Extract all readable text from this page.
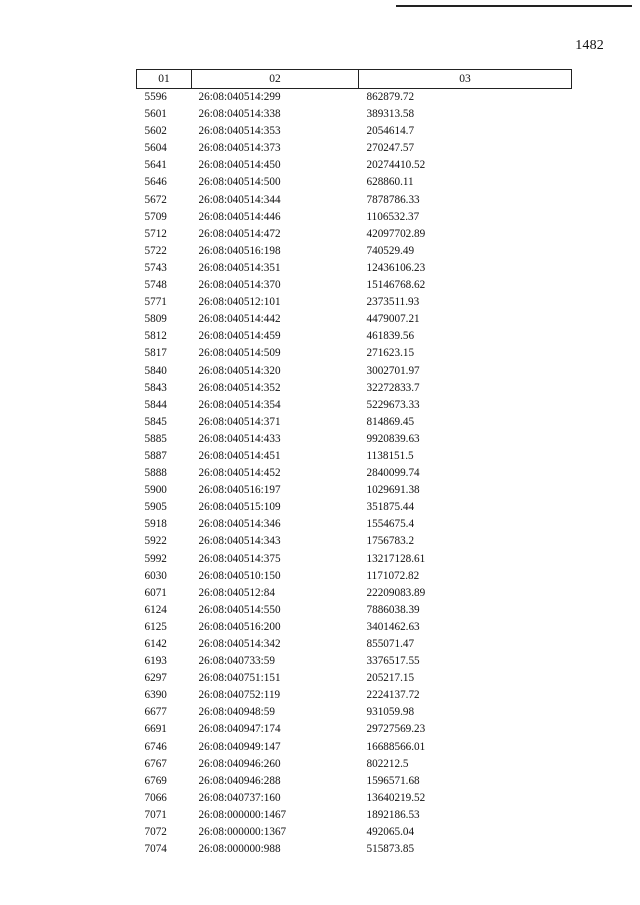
1482
01	02	03
5596	26:08:040514:299	862879.72
5601	26:08:040514:338	389313.58
5602	26:08:040514:353	2054614.7
5604	26:08:040514:373	270247.57
5641	26:08:040514:450	20274410.52
5646	26:08:040514:500	628860.11
5672	26:08:040514:344	7878786.33
5709	26:08:040514:446	1106532.37
5712	26:08:040514:472	42097702.89
5722	26:08:040516:198	740529.49
5743	26:08:040514:351	12436106.23
5748	26:08:040514:370	15146768.62
5771	26:08:040512:101	2373511.93
5809	26:08:040514:442	4479007.21
5812	26:08:040514:459	461839.56
5817	26:08:040514:509	271623.15
5840	26:08:040514:320	3002701.97
5843	26:08:040514:352	32272833.7
5844	26:08:040514:354	5229673.33
5845	26:08:040514:371	814869.45
5885	26:08:040514:433	9920839.63
5887	26:08:040514:451	1138151.5
5888	26:08:040514:452	2840099.74
5900	26:08:040516:197	1029691.38
5905	26:08:040515:109	351875.44
5918	26:08:040514:346	1554675.4
5922	26:08:040514:343	1756783.2
5992	26:08:040514:375	13217128.61
6030	26:08:040510:150	1171072.82
6071	26:08:040512:84	22209083.89
6124	26:08:040514:550	7886038.39
6125	26:08:040516:200	3401462.63
6142	26:08:040514:342	855071.47
6193	26:08:040733:59	3376517.55
6297	26:08:040751:151	205217.15
6390	26:08:040752:119	2224137.72
6677	26:08:040948:59	931059.98
6691	26:08:040947:174	29727569.23
6746	26:08:040949:147	16688566.01
6767	26:08:040946:260	802212.5
6769	26:08:040946:288	1596571.68
7066	26:08:040737:160	13640219.52
7071	26:08:000000:1467	1892186.53
7072	26:08:000000:1367	492065.04
7074	26:08:000000:988	515873.85
